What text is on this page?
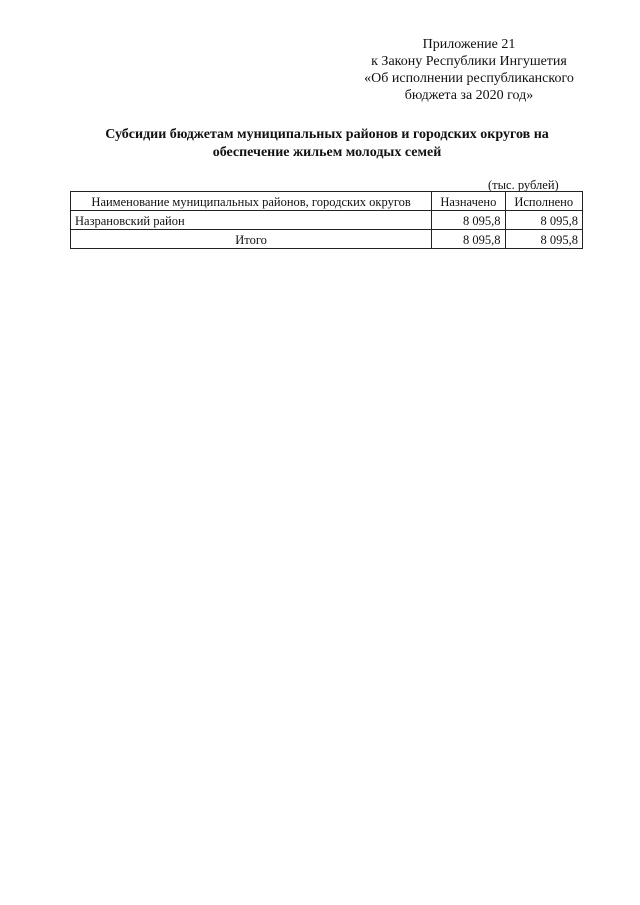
Приложение 21
к Закону Республики Ингушетия
«Об исполнении республиканского
бюджета за 2020 год»
Субсидии бюджетам муниципальных районов и городских округов на
обеспечение жильем молодых семей
(тыс. рублей)
Наименование муниципальных районов, городских округов	Назначено	Исполнено
Назрановский район	8 095,8	8 095,8
Итого	8 095,8	8 095,8
